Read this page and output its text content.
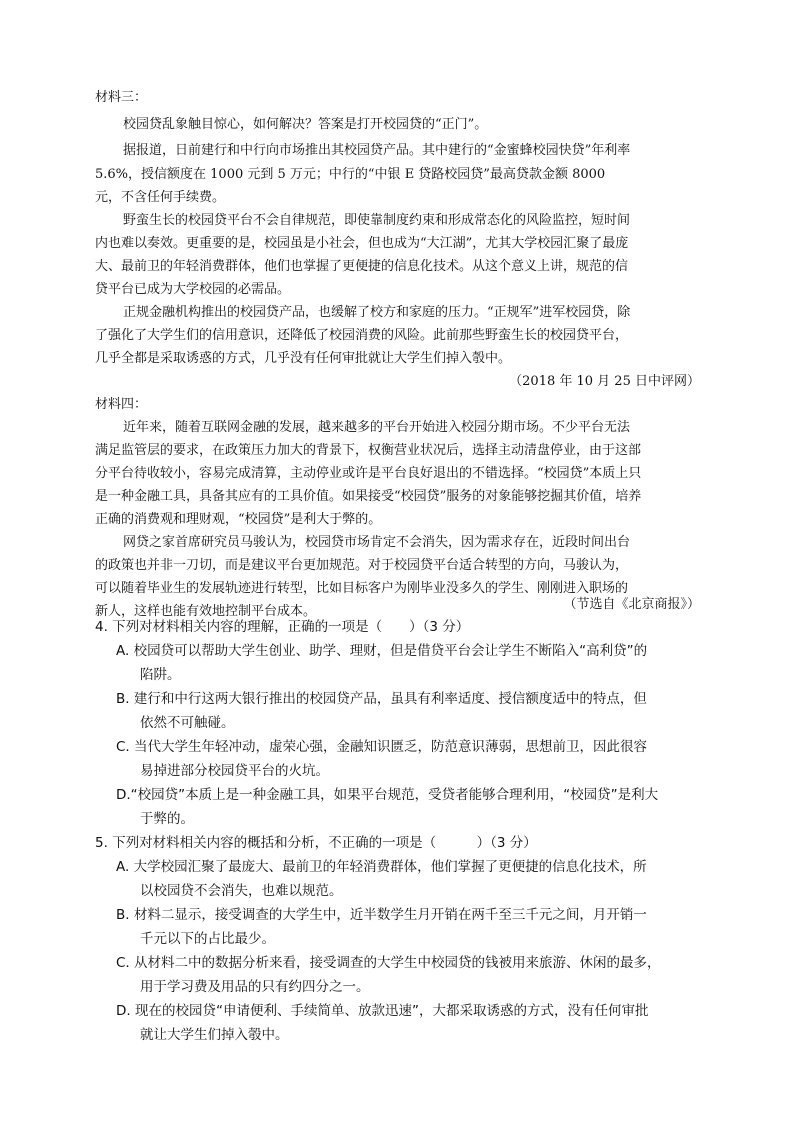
材料三：
校园贷乱象触目惊心，如何解决？答案是打开校园贷的“正门”。
据报道，日前建行和中行向市场推出其校园贷产品。其中建行的“金蜜蜂校园快贷”年利率
5.6%，授信额度在 1000 元到 5 万元；中行的“中银 E 贷路校园贷”最高贷款金额 8000
元，不含任何手续费。
野蛮生长的校园贷平台不会自律规范，即使靠制度约束和形成常态化的风险监控，短时间
内也难以奏效。更重要的是，校园虽是小社会，但也成为“大江湖”，尤其大学校园汇聚了最庞
大、最前卫的年轻消费群体，他们也掌握了更便捷的信息化技术。从这个意义上讲，规范的信
贷平台已成为大学校园的必需品。
正规金融机构推出的校园贷产品，也缓解了校方和家庭的压力。“正规军”进军校园贷，除
了强化了大学生们的信用意识，还降低了校园消费的风险。此前那些野蛮生长的校园贷平台，
几乎全都是采取诱惑的方式，几乎没有任何审批就让大学生们掉入彀中。
（2018 年 10 月 25 日中评网）
材料四：
近年来，随着互联网金融的发展，越来越多的平台开始进入校园分期市场。不少平台无法
满足监管层的要求，在政策压力加大的背景下，权衡营业状况后，选择主动清盘停业，由于这部
分平台待收较小，容易完成清算，主动停业或许是平台良好退出的不错选择。“校园贷”本质上只
是一种金融工具，具备其应有的工具价值。如果接受“校园贷”服务的对象能够挖掘其价值，培养
正确的消费观和理财观，“校园贷”是利大于弊的。
网贷之家首席研究员马骏认为，校园贷市场肯定不会消失，因为需求存在，近段时间出台
的政策也并非一刀切，而是建议平台更加规范。对于校园贷平台适合转型的方向，马骏认为，
可以随着毕业生的发展轨迹进行转型，比如目标客户为刚毕业没多久的学生、刚刚进入职场的
新人，这样也能有效地控制平台成本。	（节选自《北京商报》）
4. 下列对材料相关内容的理解，正确的一项是（　　）（3 分）
A. 校园贷可以帮助大学生创业、助学、理财，但是借贷平台会让学生不断陷入“高利贷”的
陷阱。
B. 建行和中行这两大银行推出的校园贷产品，虽具有利率适度、授信额度适中的特点，但
依然不可触碰。
C. 当代大学生年轻冲动，虚荣心强，金融知识匮乏，防范意识薄弱，思想前卫，因此很容
易掉进部分校园贷平台的火坑。
D.“校园贷”本质上是一种金融工具，如果平台规范，受贷者能够合理利用，“校园贷”是利大
于弊的。
5. 下列对材料相关内容的概括和分析，不正确的一项是（　　　）（3 分）
A. 大学校园汇聚了最庞大、最前卫的年轻消费群体，他们掌握了更便捷的信息化技术，所
以校园贷不会消失，也难以规范。
B. 材料二显示，接受调查的大学生中，近半数学生月开销在两千至三千元之间，月开销一
千元以下的占比最少。
C. 从材料二中的数据分析来看，接受调查的大学生中校园贷的钱被用来旅游、休闲的最多，
用于学习费及用品的只有约四分之一。
D. 现在的校园贷“申请便利、手续简单、放款迅速”，大都采取诱惑的方式，没有任何审批
就让大学生们掉入彀中。
